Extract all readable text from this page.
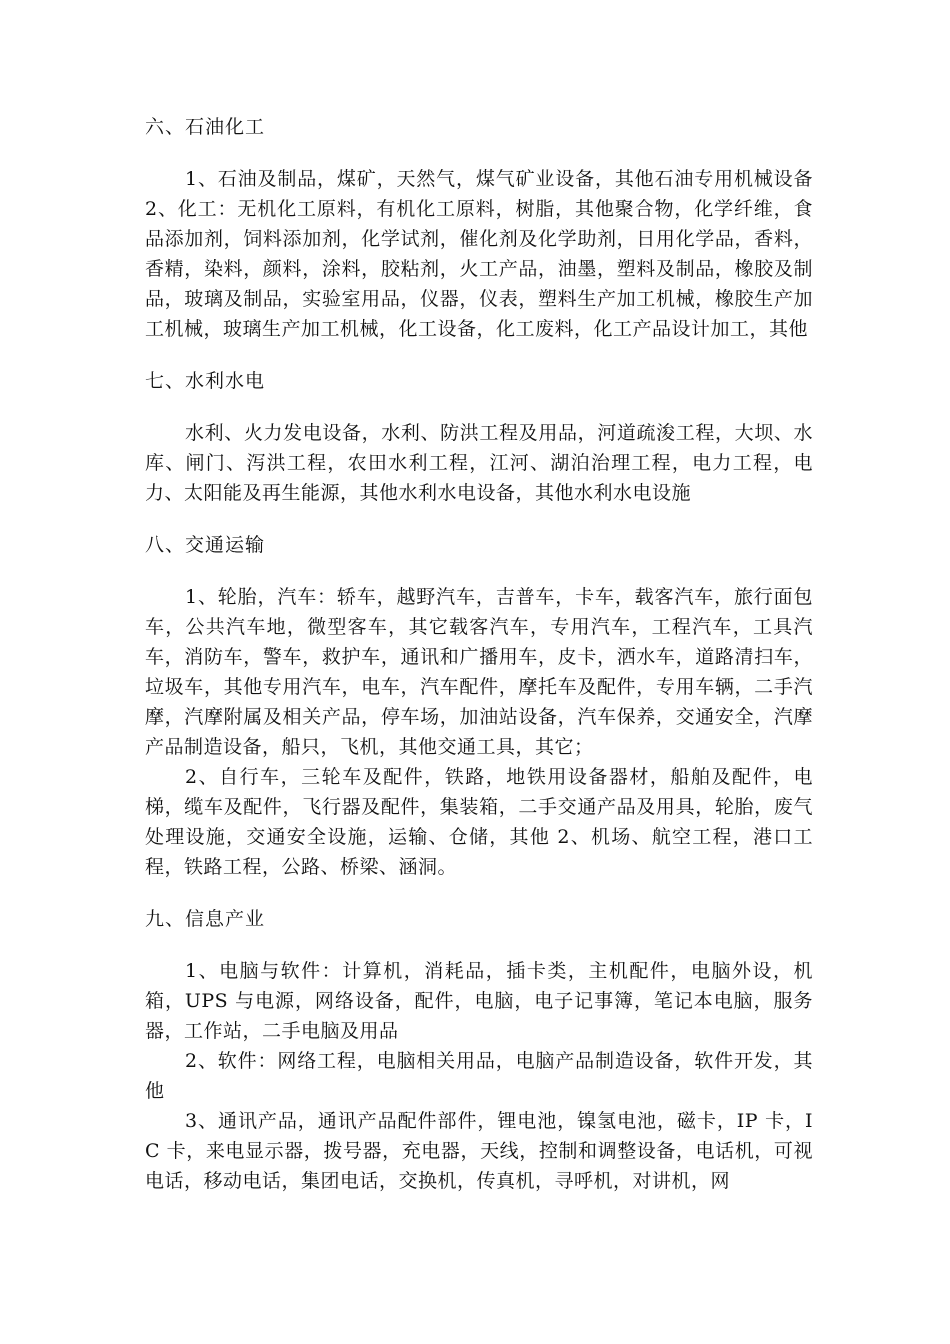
六、石油化工

1、石油及制品，煤矿，天然气，煤气矿业设备，其他石油专用机械设备 2、化工：无机化工原料，有机化工原料，树脂，其他聚合物，化学纤维，食品添加剂，饲料添加剂，化学试剂，催化剂及化学助剂，日用化学品，香料，香精，染料，颜料，涂料，胶粘剂，火工产品，油墨，塑料及制品，橡胶及制品，玻璃及制品，实验室用品，仪器，仪表，塑料生产加工机械，橡胶生产加工机械，玻璃生产加工机械，化工设备，化工废料，化工产品设计加工，其他

七、水利水电

水利、火力发电设备，水利、防洪工程及用品，河道疏浚工程，大坝、水库、闸门、泻洪工程，农田水利工程，江河、湖泊治理工程，电力工程，电力、太阳能及再生能源，其他水利水电设备，其他水利水电设施

八、交通运输

1、轮胎，汽车：轿车，越野汽车，吉普车，卡车，载客汽车，旅行面包车，公共汽车地，微型客车，其它载客汽车，专用汽车，工程汽车，工具汽车，消防车，警车，救护车，通讯和广播用车，皮卡，洒水车，道路清扫车，垃圾车，其他专用汽车，电车，汽车配件，摩托车及配件，专用车辆，二手汽摩，汽摩附属及相关产品，停车场，加油站设备，汽车保养，交通安全，汽摩产品制造设备，船只，飞机，其他交通工具，其它；

2、自行车，三轮车及配件，铁路，地铁用设备器材，船舶及配件，电梯，缆车及配件，飞行器及配件，集装箱，二手交通产品及用具，轮胎，废气处理设施，交通安全设施，运输、仓储，其他 2、机场、航空工程，港口工程，铁路工程，公路、桥梁、涵洞。

九、信息产业

1、电脑与软件：计算机，消耗品，插卡类，主机配件，电脑外设，机箱，UPS 与电源，网络设备，配件，电脑，电子记事簿，笔记本电脑，服务器，工作站，二手电脑及用品

2、软件：网络工程，电脑相关用品，电脑产品制造设备，软件开发，其他

3、通讯产品，通讯产品配件部件，锂电池，镍氢电池，磁卡，IP 卡，IC 卡，来电显示器，拨号器，充电器，天线，控制和调整设备，电话机，可视电话，移动电话，集团电话，交换机，传真机，寻呼机，对讲机，网
